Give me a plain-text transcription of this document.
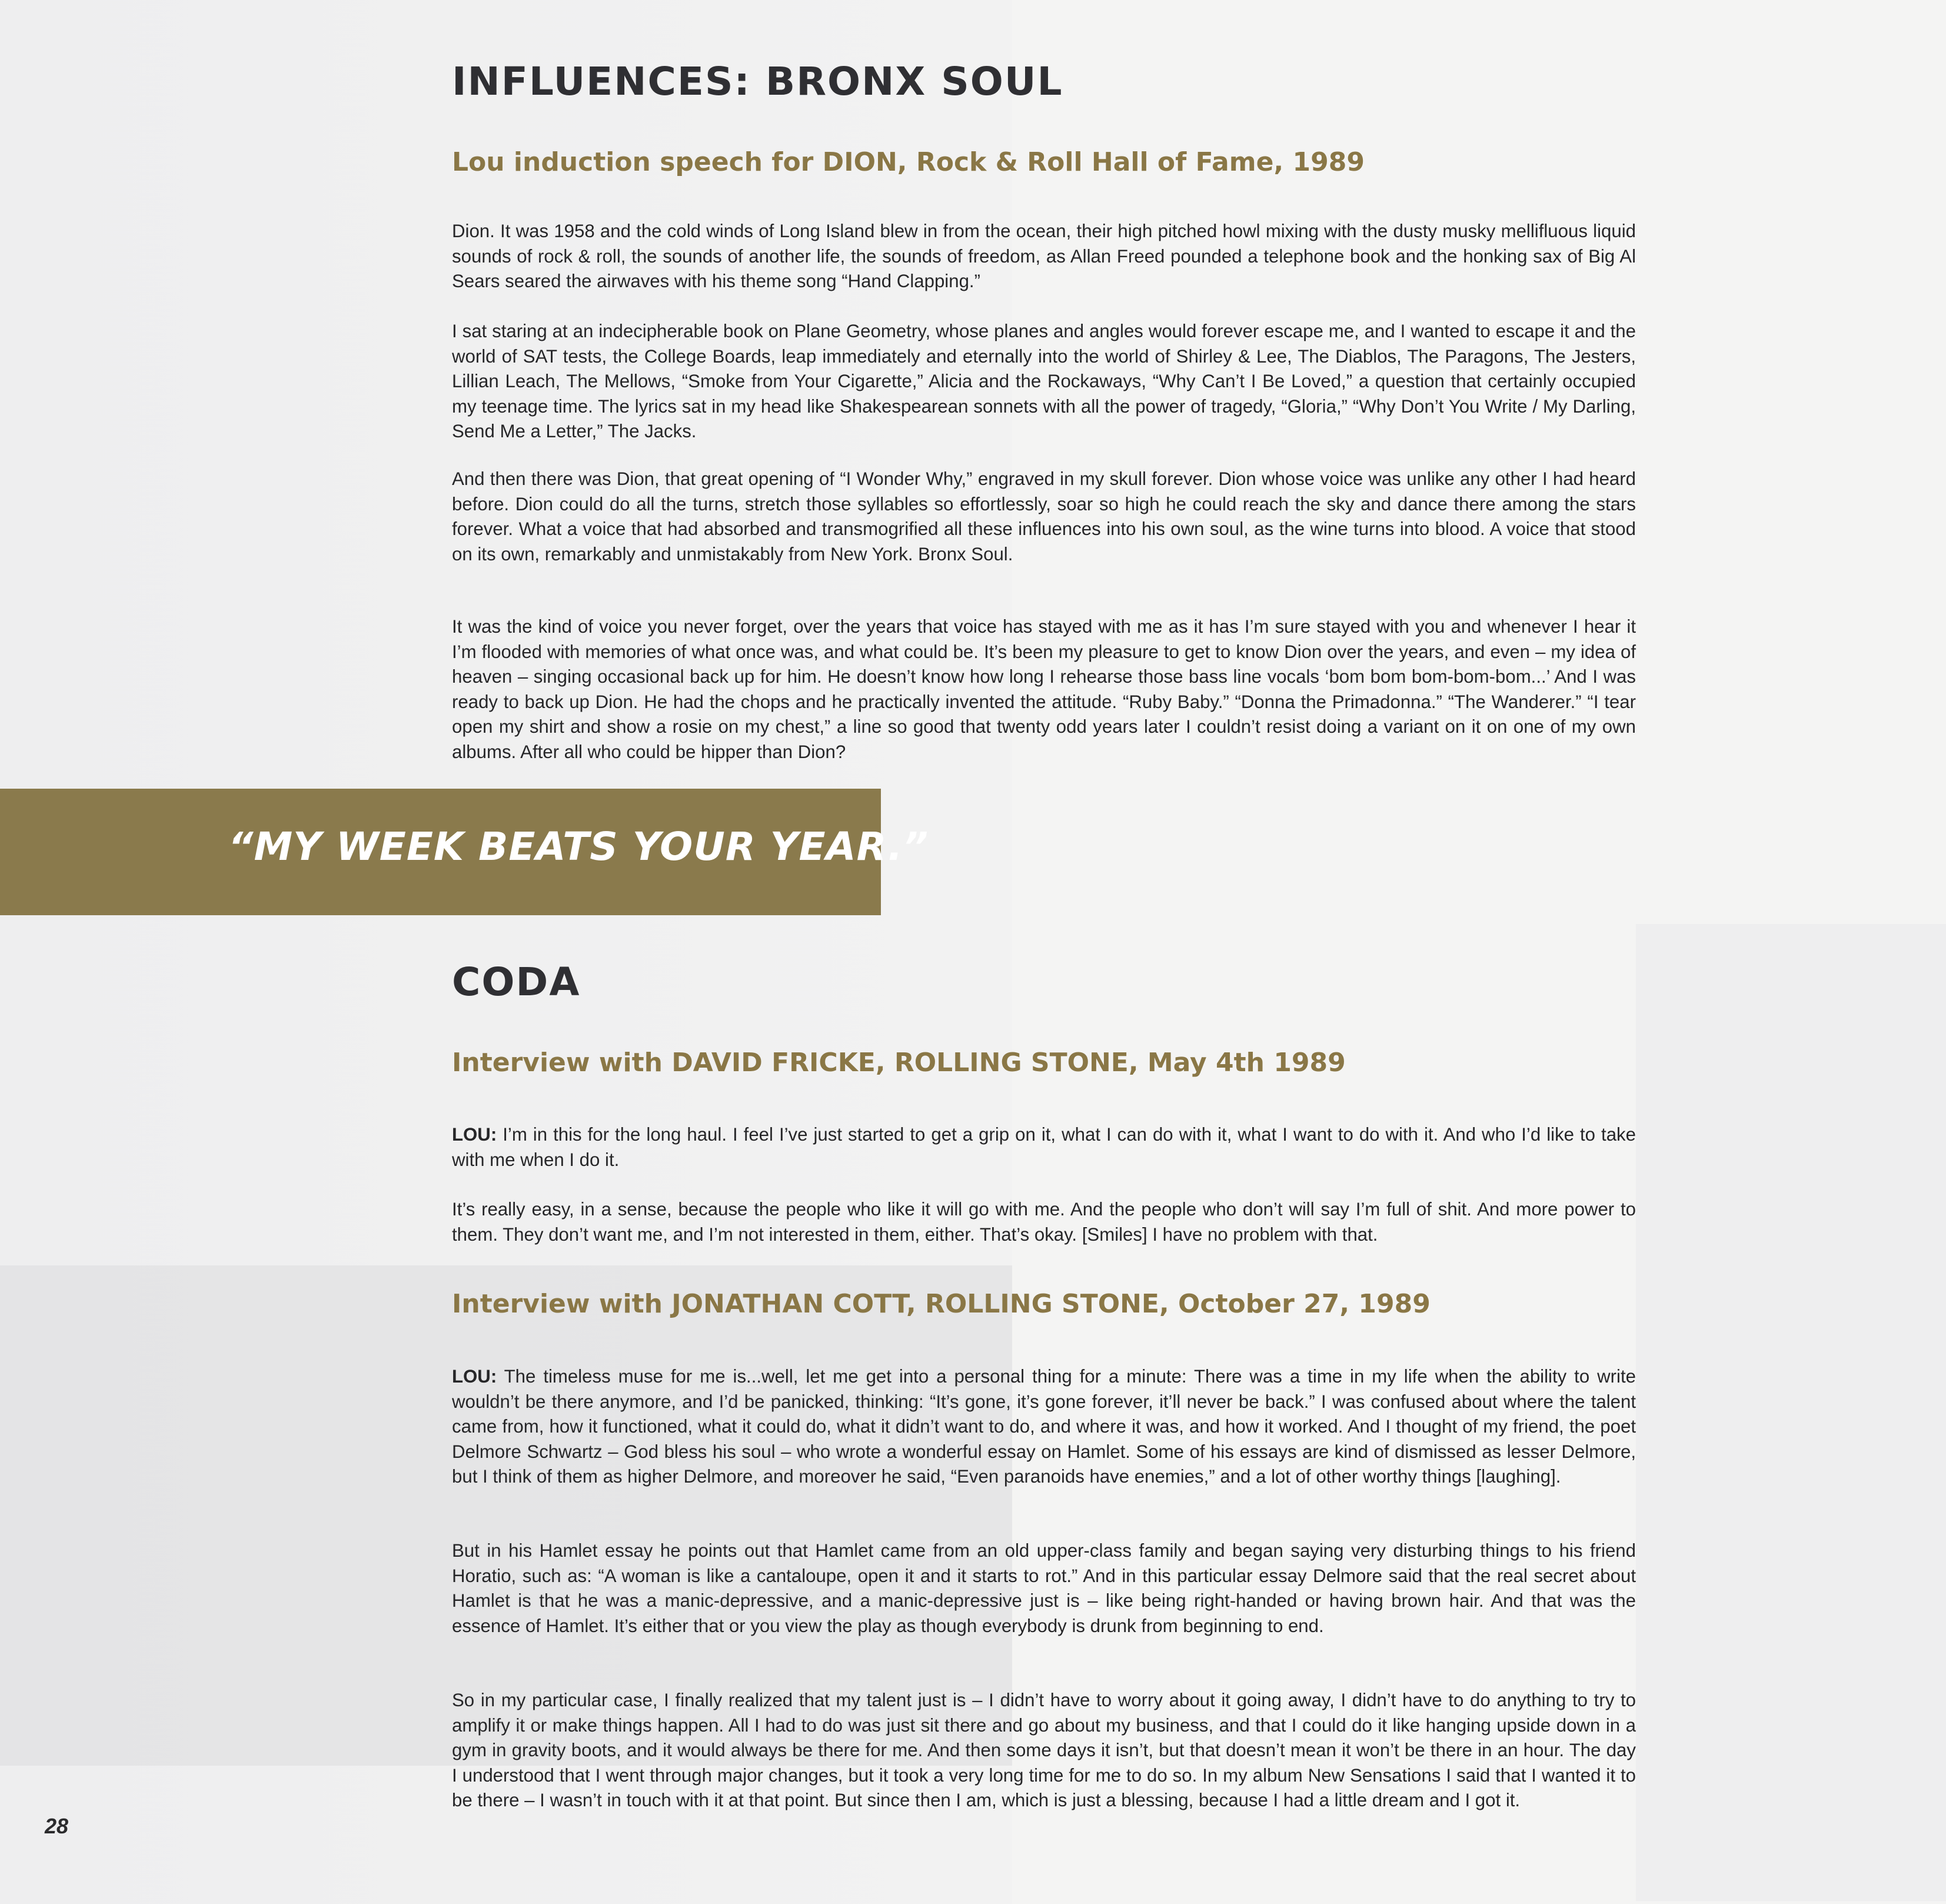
INFLUENCES: BRONX SOUL
Lou induction speech for DION, Rock & Roll Hall of Fame, 1989

Dion. It was 1958 and the cold winds of Long Island blew in from the ocean, their high pitched howl mixing with the dusty musky mellifluous liquid sounds of rock & roll, the sounds of another life, the sounds of freedom, as Allan Freed pounded a telephone book and the honking sax of Big Al Sears seared the airwaves with his theme song “Hand Clapping.”

I sat staring at an indecipherable book on Plane Geometry, whose planes and angles would forever escape me, and I wanted to escape it and the world of SAT tests, the College Boards, leap immediately and eternally into the world of Shirley & Lee, The Diablos, The Paragons, The Jesters, Lillian Leach, The Mellows, “Smoke from Your Cigarette,” Alicia and the Rockaways, “Why Can’t I Be Loved,” a question that certainly occupied my teenage time. The lyrics sat in my head like Shakespearean sonnets with all the power of tragedy, “Gloria,” “Why Don’t You Write / My Darling, Send Me a Letter,” The Jacks.

And then there was Dion, that great opening of “I Wonder Why,” engraved in my skull forever. Dion whose voice was unlike any other I had heard before. Dion could do all the turns, stretch those syllables so effortlessly, soar so high he could reach the sky and dance there among the stars forever. What a voice that had absorbed and transmogrified all these influences into his own soul, as the wine turns into blood. A voice that stood on its own, remarkably and unmistakably from New York. Bronx Soul.

It was the kind of voice you never forget, over the years that voice has stayed with me as it has I’m sure stayed with you and whenever I hear it I’m flooded with memories of what once was, and what could be. It’s been my pleasure to get to know Dion over the years, and even – my idea of heaven – singing occasional back up for him. He doesn’t know how long I rehearse those bass line vocals ‘bom bom bom-bom-bom...’ And I was ready to back up Dion. He had the chops and he practically invented the attitude. “Ruby Baby.” “Donna the Primadonna.” “The Wanderer.” “I tear open my shirt and show a rosie on my chest,” a line so good that twenty odd years later I couldn’t resist doing a variant on it on one of my own albums. After all who could be hipper than Dion?

CODA
Interview with DAVID FRICKE, ROLLING STONE, May 4th 1989

LOU: I’m in this for the long haul. I feel I’ve just started to get a grip on it, what I can do with it, what I want to do with it. And who I’d like to take with me when I do it.

It’s really easy, in a sense, because the people who like it will go with me. And the people who don’t will say I’m full of shit. And more power to them. They don’t want me, and I’m not interested in them, either. That’s okay. [Smiles] I have no problem with that.

Interview with JONATHAN COTT, ROLLING STONE, October 27, 1989

LOU: The timeless muse for me is...well, let me get into a personal thing for a minute: There was a time in my life when the ability to write wouldn’t be there anymore, and I’d be panicked, thinking: “It’s gone, it’s gone forever, it’ll never be back.” I was confused about where the talent came from, how it functioned, what it could do, what it didn’t want to do, and where it was, and how it worked. And I thought of my friend, the poet Delmore Schwartz – God bless his soul – who wrote a wonderful essay on Hamlet. Some of his essays are kind of dismissed as lesser Delmore, but I think of them as higher Delmore, and moreover he said, “Even paranoids have enemies,” and a lot of other worthy things [laughing].

But in his Hamlet essay he points out that Hamlet came from an old upper-class family and began saying very disturbing things to his friend Horatio, such as: “A woman is like a cantaloupe, open it and it starts to rot.” And in this particular essay Delmore said that the real secret about Hamlet is that he was a manic-depressive, and a manic-depressive just is – like being right-handed or having brown hair. And that was the essence of Hamlet. It’s either that or you view the play as though everybody is drunk from beginning to end.

So in my particular case, I finally realized that my talent just is – I didn’t have to worry about it going away, I didn’t have to do anything to try to amplify it or make things happen. All I had to do was just sit there and go about my business, and that I could do it like hanging upside down in a gym in gravity boots, and it would always be there for me. And then some days it isn’t, but that doesn’t mean it won’t be there in an hour. The day I understood that I went through major changes, but it took a very long time for me to do so. In my album New Sensations I said that I wanted it to be there – I wasn’t in touch with it at that point. But since then I am, which is just a blessing, because I had a little dream and I got it.

“MY WEEK BEATS YOUR YEAR.”
28
